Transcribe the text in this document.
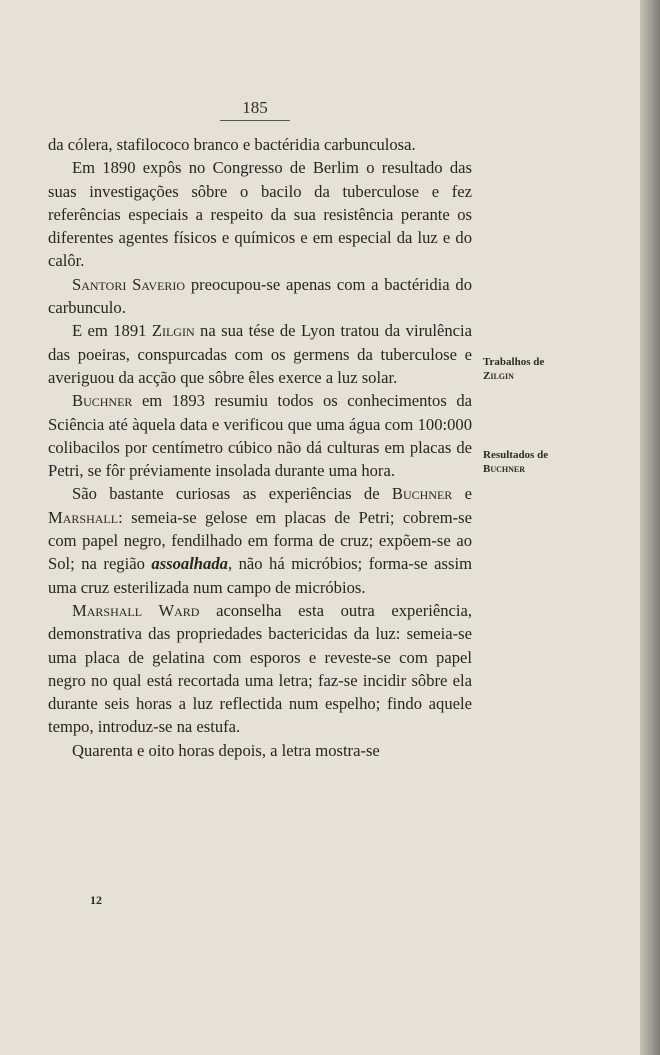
185

da cólera, stafilococo branco e bactéridia carbunculosa.

Em 1890 expôs no Congresso de Berlim o resultado das suas investigações sôbre o bacilo da tuberculose e fez referências especiais a respeito da sua resistência perante os diferentes agentes físicos e químicos e em especial da luz e do calôr.

Santori Saverio preocupou-se apenas com a bactéridia do carbunculo.

E em 1891 Zilgin na sua tése de Lyon tratou da virulência das poeiras, conspurcadas com os germens da tuberculose e averiguou da acção que sôbre êles exerce a luz solar.

Buchner em 1893 resumiu todos os conhecimentos da Sciência até àquela data e verificou que uma água com 100:000 colibacilos por centímetro cúbico não dá culturas em placas de Petri, se fôr préviamente insolada durante uma hora.

São bastante curiosas as experiências de Buchner e Marshall: semeia-se gelose em placas de Petri; cobrem-se com papel negro, fendilhado em forma de cruz; expõem-se ao Sol; na região assoalhada, não há micróbios; forma-se assim uma cruz esterilizada num campo de micróbios.

Marshall Ward aconselha esta outra experiência, demonstrativa das propriedades bactericidas da luz: semeia-se uma placa de gelatina com esporos e reveste-se com papel negro no qual está recortada uma letra; faz-se incidir sôbre ela durante seis horas a luz reflectida num espelho; findo aquele tempo, introduz-se na estufa.

Quarenta e oito horas depois, a letra mostra-se

Trabalhos de
Zilgin
Resultados de
Buchner
12
